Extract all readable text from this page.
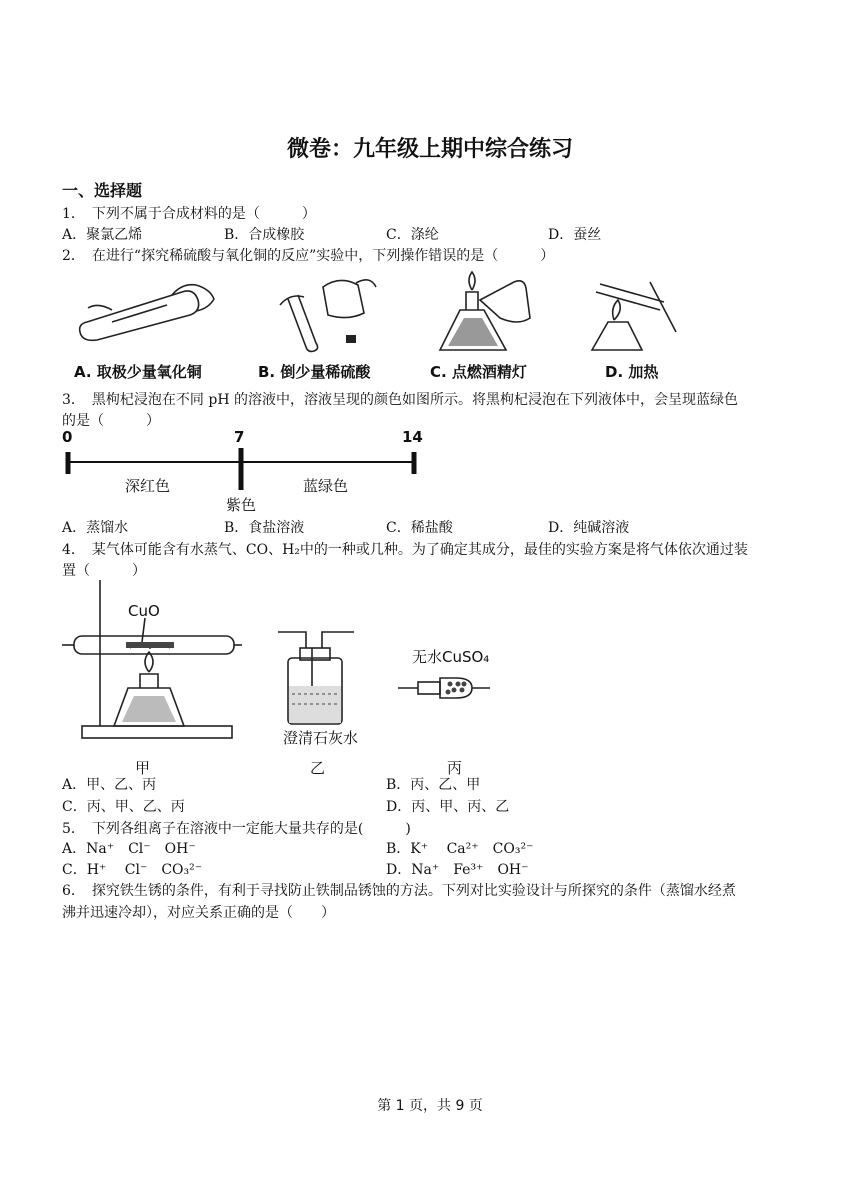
微卷：九年级上期中综合练习
一、选择题
1．　下列不属于合成材料的是（　　　）
A．聚氯乙烯	B．合成橡胶	C．涤纶	D．蚕丝
2．　在进行“探究稀硫酸与氧化铜的反应”实验中，下列操作错误的是（　　　）
A. 取极少量氧化铜	B. 倒少量稀硫酸	C. 点燃酒精灯	D. 加热
3．　黑枸杞浸泡在不同 pH 的溶液中，溶液呈现的颜色如图所示。将黑枸杞浸泡在下列液体中，会呈现蓝绿色
的是（　　　）
0	7	14
深红色
紫色
蓝绿色
A．蒸馏水	B．食盐溶液	C．稀盐酸	D．纯碱溶液
4．　某气体可能含有水蒸气、CO、H₂中的一种或几种。为了确定其成分，最佳的实验方案是将气体依次通过装
置（　　　）
CuO
甲
澄清石灰水
乙
无水CuSO₄
丙
A．甲、乙、丙	B．丙、乙、甲
C．丙、甲、乙、丙	D．丙、甲、丙、乙
5．　下列各组离子在溶液中一定能大量共存的是(　　　)
A．Na⁺　Cl⁻　OH⁻	B．K⁺　 Ca²⁺　CO₃²⁻
C．H⁺　 Cl⁻　CO₃²⁻	D．Na⁺　Fe³⁺　OH⁻
6．　探究铁生锈的条件，有利于寻找防止铁制品锈蚀的方法。下列对比实验设计与所探究的条件（蒸馏水经煮
沸并迅速冷却），对应关系正确的是（　　）
第 1 页，共 9 页
